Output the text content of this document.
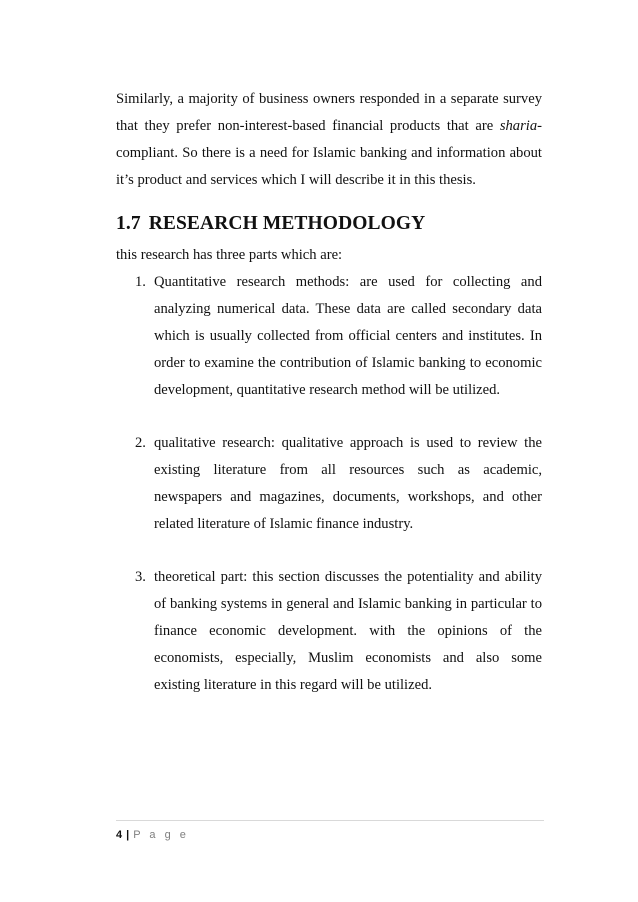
Similarly, a majority of business owners responded in a separate survey that they prefer non-interest-based financial products that are sharia-compliant. So there is a need for Islamic banking and information about it’s product and services which I will describe it in this thesis.

1.7 RESEARCH METHODOLOGY

this research has three parts which are:

1. Quantitative research methods: are used for collecting and analyzing numerical data. These data are called secondary data which is usually collected from official centers and institutes. In order to examine the contribution of Islamic banking to economic development, quantitative research method will be utilized.
2. qualitative research: qualitative approach is used to review the existing literature from all resources such as academic, newspapers and magazines, documents, workshops, and other related literature of Islamic finance industry.
3. theoretical part: this section discusses the potentiality and ability of banking systems in general and Islamic banking in particular to finance economic development. with the opinions of the economists, especially, Muslim economists and also some existing literature in this regard will be utilized.
4 | P a g e
